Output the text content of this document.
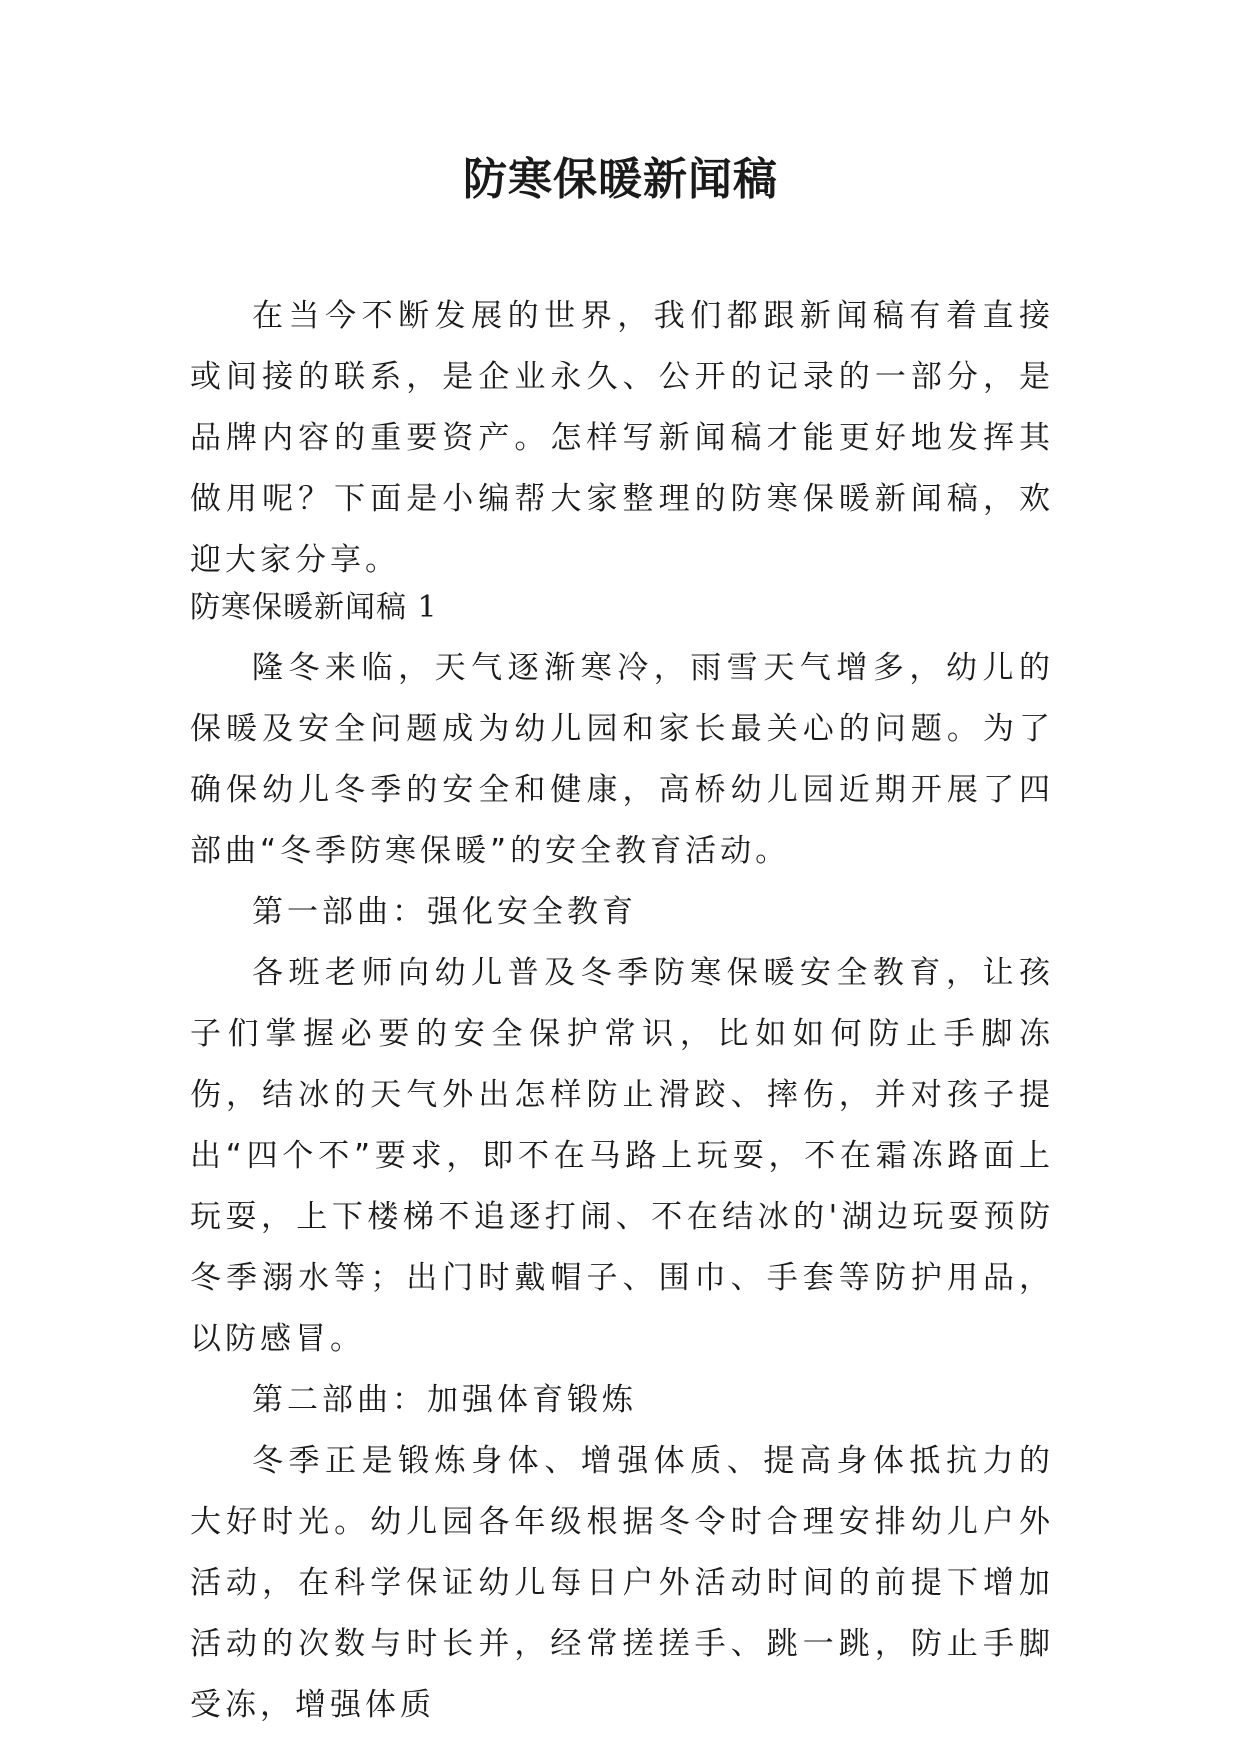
防寒保暖新闻稿

在当今不断发展的世界，我们都跟新闻稿有着直接或间接的联系，是企业永久、公开的记录的一部分，是品牌内容的重要资产。怎样写新闻稿才能更好地发挥其做用呢？下面是小编帮大家整理的防寒保暖新闻稿，欢迎大家分享。

防寒保暖新闻稿 1

隆冬来临，天气逐渐寒冷，雨雪天气增多，幼儿的保暖及安全问题成为幼儿园和家长最关心的问题。为了确保幼儿冬季的安全和健康，高桥幼儿园近期开展了四部曲“冬季防寒保暖”的安全教育活动。

第一部曲：强化安全教育

各班老师向幼儿普及冬季防寒保暖安全教育，让孩子们掌握必要的安全保护常识，比如如何防止手脚冻伤，结冰的天气外出怎样防止滑跤、摔伤，并对孩子提出“四个不”要求，即不在马路上玩耍，不在霜冻路面上玩耍，上下楼梯不追逐打闹、不在结冰的'湖边玩耍预防冬季溺水等；出门时戴帽子、围巾、手套等防护用品，以防感冒。

第二部曲：加强体育锻炼

冬季正是锻炼身体、增强体质、提高身体抵抗力的大好时光。幼儿园各年级根据冬令时合理安排幼儿户外活动，在科学保证幼儿每日户外活动时间的前提下增加活动的次数与时长并，经常搓搓手、跳一跳，防止手脚受冻，增强体质
